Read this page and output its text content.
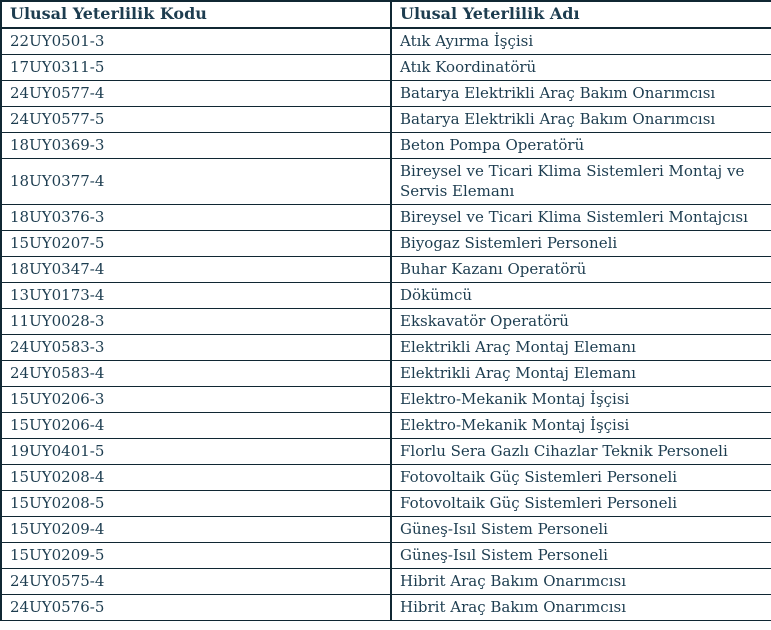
Ulusal Yeterlilik Kodu	Ulusal Yeterlilik Adı
22UY0501-3	Atık Ayırma İşçisi
17UY0311-5	Atık Koordinatörü
24UY0577-4	Batarya Elektrikli Araç Bakım Onarımcısı
24UY0577-5	Batarya Elektrikli Araç Bakım Onarımcısı
18UY0369-3	Beton Pompa Operatörü
18UY0377-4	Bireysel ve Ticari Klima Sistemleri Montaj ve Servis Elemanı
18UY0376-3	Bireysel ve Ticari Klima Sistemleri Montajcısı
15UY0207-5	Biyogaz Sistemleri Personeli
18UY0347-4	Buhar Kazanı Operatörü
13UY0173-4	Dökümcü
11UY0028-3	Ekskavatör Operatörü
24UY0583-3	Elektrikli Araç Montaj Elemanı
24UY0583-4	Elektrikli Araç Montaj Elemanı
15UY0206-3	Elektro-Mekanik Montaj İşçisi
15UY0206-4	Elektro-Mekanik Montaj İşçisi
19UY0401-5	Florlu Sera Gazlı Cihazlar Teknik Personeli
15UY0208-4	Fotovoltaik Güç Sistemleri Personeli
15UY0208-5	Fotovoltaik Güç Sistemleri Personeli
15UY0209-4	Güneş-Isıl Sistem Personeli
15UY0209-5	Güneş-Isıl Sistem Personeli
24UY0575-4	Hibrit Araç Bakım Onarımcısı
24UY0576-5	Hibrit Araç Bakım Onarımcısı
